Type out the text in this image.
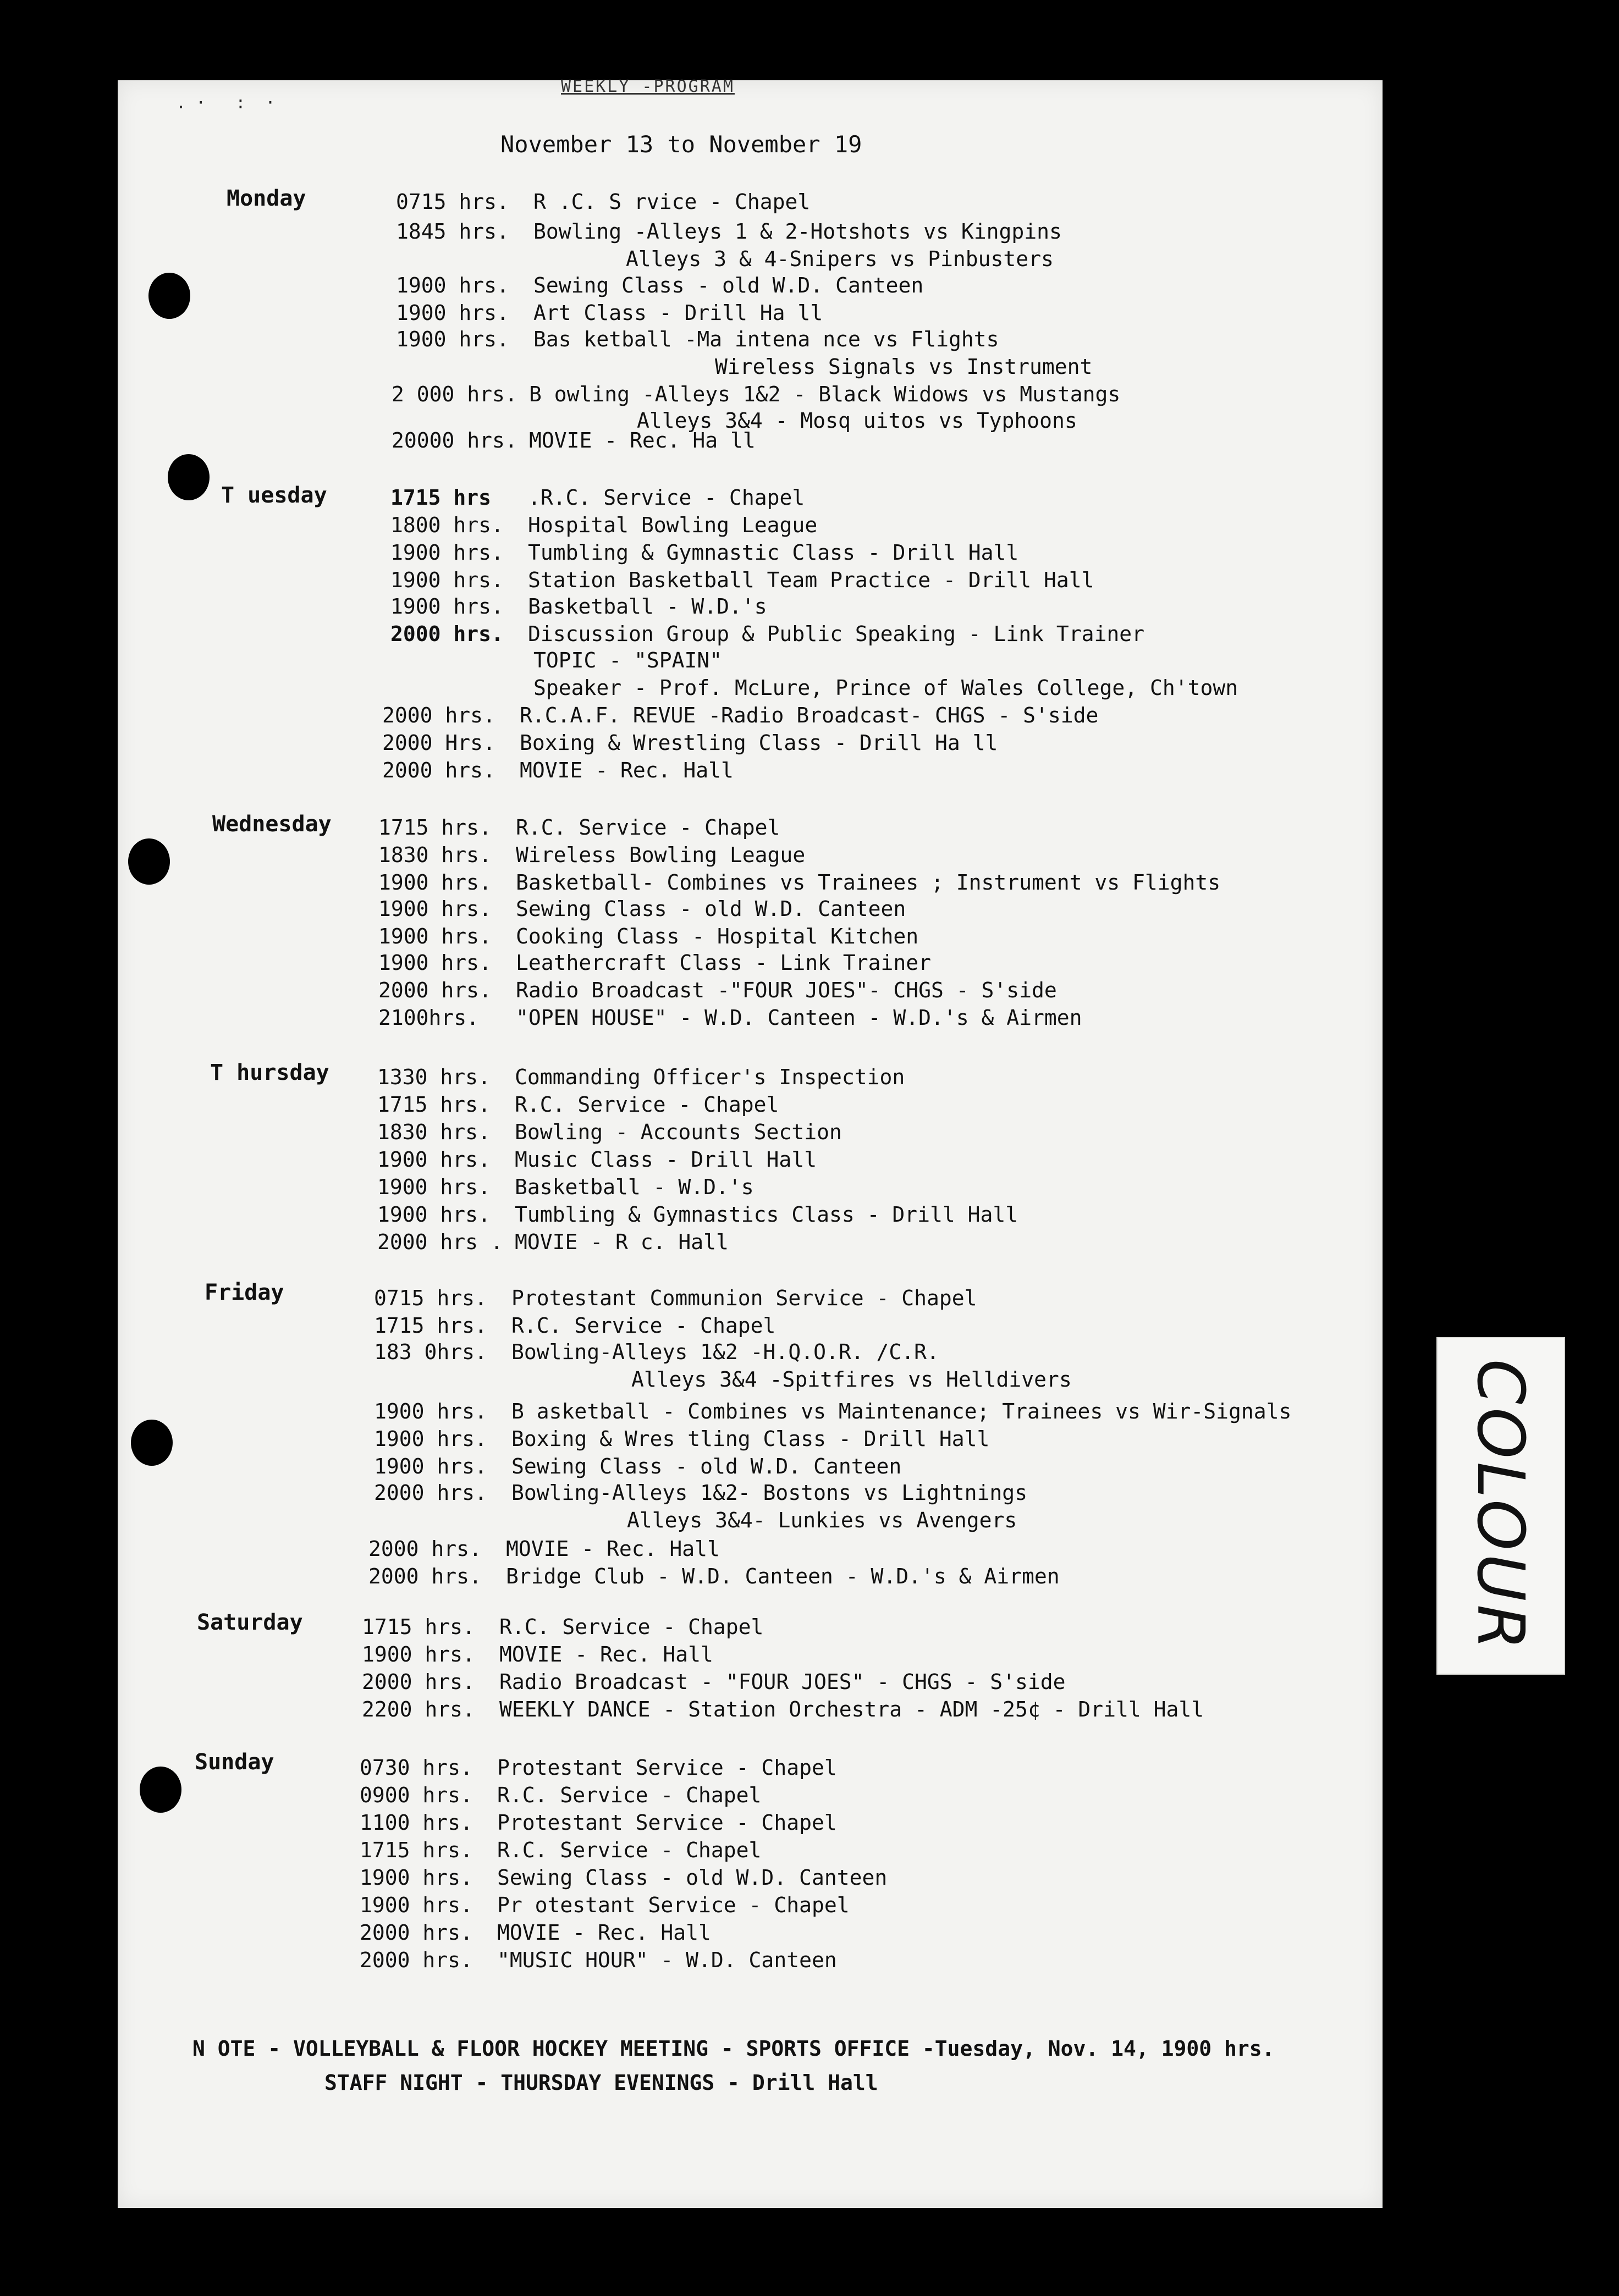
. ·   :  ·
COLOUR
WEEKLY -PROGRAM
November 13 to November 19
Monday	0715 hrs.	R .C. S rvice - Chapel
1845 hrs.	Bowling -Alleys 1 & 2-Hotshots vs Kingpins
Alleys 3 & 4-Snipers vs Pinbusters
1900 hrs.	Sewing Class - old W.D. Canteen
1900 hrs.	Art Class - Drill Ha ll
1900 hrs.	Bas ketball -Ma intena nce vs Flights
Wireless Signals vs Instrument
2 000 hrs. B owling -Alleys 1&2 - Black Widows vs Mustangs
Alleys 3&4 - Mosq uitos vs Typhoons
20000 hrs. MOVIE - Rec. Ha ll
T uesday	1715 hrs	.R.C. Service - Chapel
1800 hrs.	Hospital Bowling League
1900 hrs.	Tumbling & Gymnastic Class - Drill Hall
1900 hrs.	Station Basketball Team Practice - Drill Hall
1900 hrs.	Basketball - W.D.'s
2000 hrs.	Discussion Group & Public Speaking - Link Trainer
TOPIC - "SPAIN"
Speaker - Prof. McLure, Prince of Wales College, Ch'town
2000 hrs.	R.C.A.F. REVUE -Radio Broadcast- CHGS - S'side
2000 Hrs.	Boxing & Wrestling Class - Drill Ha ll
2000 hrs.	MOVIE - Rec. Hall
Wednesday 1715 hrs.	R.C. Service - Chapel
1830 hrs.	Wireless Bowling League
1900 hrs.	Basketball- Combines vs Trainees ; Instrument vs Flights
1900 hrs.	Sewing Class - old W.D. Canteen
1900 hrs.	Cooking Class - Hospital Kitchen
1900 hrs.	Leathercraft Class - Link Trainer
2000 hrs.	Radio Broadcast -"FOUR JOES"- CHGS - S'side
2100hrs.	"OPEN HOUSE" - W.D. Canteen - W.D.'s & Airmen
T hursday 1330 hrs.	Commanding Officer's Inspection
1715 hrs.	R.C. Service - Chapel
1830 hrs.	Bowling - Accounts Section
1900 hrs.	Music Class - Drill Hall
1900 hrs.	Basketball - W.D.'s
1900 hrs.	Tumbling & Gymnastics Class - Drill Hall
2000 hrs . MOVIE - R c. Hall
Friday	0715 hrs.	Protestant Communion Service - Chapel
1715 hrs.	R.C. Service - Chapel
183 0hrs.	Bowling-Alleys 1&2 -H.Q.O.R. /C.R.
Alleys 3&4 -Spitfires vs Helldivers
1900 hrs.	B asketball - Combines vs Maintenance; Trainees vs Wir-Signals
1900 hrs.	Boxing & Wres tling Class - Drill Hall
1900 hrs.	Sewing Class - old W.D. Canteen
2000 hrs.	Bowling-Alleys 1&2- Bostons vs Lightnings
Alleys 3&4- Lunkies vs Avengers
2000 hrs.	MOVIE - Rec. Hall
2000 hrs.	Bridge Club - W.D. Canteen - W.D.'s & Airmen
Saturday	1715 hrs.	R.C. Service - Chapel
1900 hrs.	MOVIE - Rec. Hall
2000 hrs.	Radio Broadcast - "FOUR JOES" - CHGS - S'side
2200 hrs.	WEEKLY DANCE - Station Orchestra - ADM -25¢ - Drill Hall
Sunday	0730 hrs.	Protestant Service - Chapel
0900 hrs.	R.C. Service - Chapel
1100 hrs.	Protestant Service - Chapel
1715 hrs.	R.C. Service - Chapel
1900 hrs.	Sewing Class - old W.D. Canteen
1900 hrs.	Pr otestant Service - Chapel
2000 hrs.	MOVIE - Rec. Hall
2000 hrs.	"MUSIC HOUR" - W.D. Canteen
N OTE - VOLLEYBALL & FLOOR HOCKEY MEETING - SPORTS OFFICE -Tuesday, Nov. 14, 1900 hrs.
STAFF NIGHT - THURSDAY EVENINGS - Drill Hall
